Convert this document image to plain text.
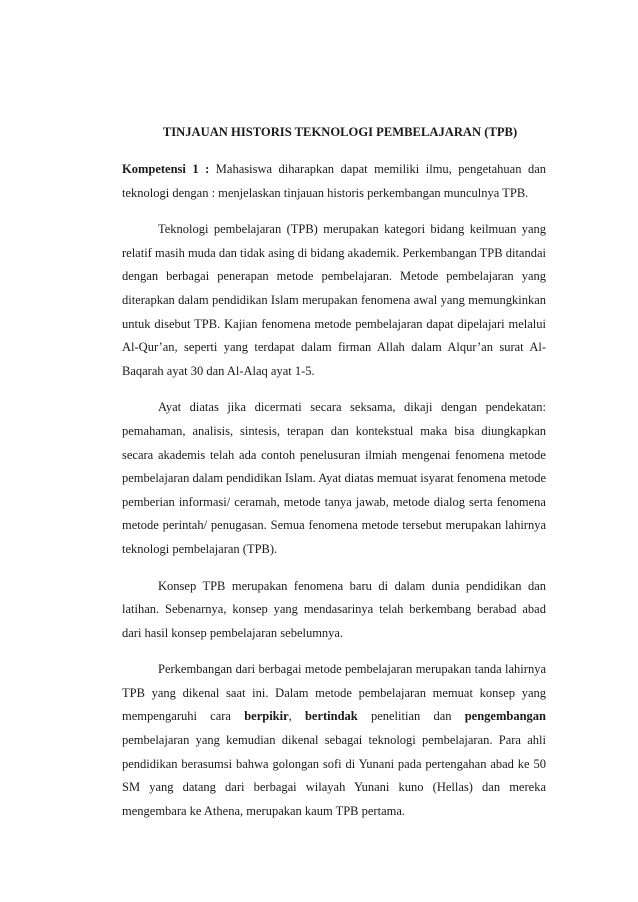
TINJAUAN HISTORIS TEKNOLOGI PEMBELAJARAN (TPB)

Kompetensi 1 : Mahasiswa diharapkan dapat memiliki ilmu, pengetahuan dan teknologi dengan : menjelaskan tinjauan historis perkembangan munculnya TPB.

Teknologi pembelajaran (TPB) merupakan kategori bidang keilmuan yang relatif masih muda dan tidak asing di bidang akademik. Perkembangan TPB ditandai dengan berbagai penerapan metode pembelajaran. Metode pembelajaran yang diterapkan dalam pendidikan Islam merupakan fenomena awal yang memungkinkan untuk disebut TPB. Kajian fenomena metode pembelajaran dapat dipelajari melalui Al-Qur’an, seperti yang terdapat dalam firman Allah dalam Alqur’an surat Al-Baqarah ayat 30 dan Al-Alaq ayat 1-5.

Ayat diatas jika dicermati secara seksama, dikaji dengan pendekatan: pemahaman, analisis, sintesis, terapan dan kontekstual maka bisa diungkapkan secara akademis telah ada contoh penelusuran ilmiah mengenai fenomena metode pembelajaran dalam pendidikan Islam. Ayat diatas memuat isyarat fenomena metode pemberian informasi/ ceramah, metode tanya jawab, metode dialog serta fenomena metode perintah/ penugasan. Semua fenomena metode tersebut merupakan lahirnya teknologi pembelajaran (TPB).

Konsep TPB merupakan fenomena baru di dalam dunia pendidikan dan latihan. Sebenarnya, konsep yang mendasarinya telah berkembang berabad abad dari hasil konsep pembelajaran sebelumnya.

Perkembangan dari berbagai metode pembelajaran merupakan tanda lahirnya TPB yang dikenal saat ini. Dalam metode pembelajaran memuat konsep yang mempengaruhi cara berpikir, bertindak penelitian dan pengembangan pembelajaran yang kemudian dikenal sebagai teknologi pembelajaran. Para ahli pendidikan berasumsi bahwa golongan sofi di Yunani pada pertengahan abad ke 50 SM yang datang dari berbagai wilayah Yunani kuno (Hellas) dan mereka mengembara ke Athena, merupakan kaum TPB pertama.
